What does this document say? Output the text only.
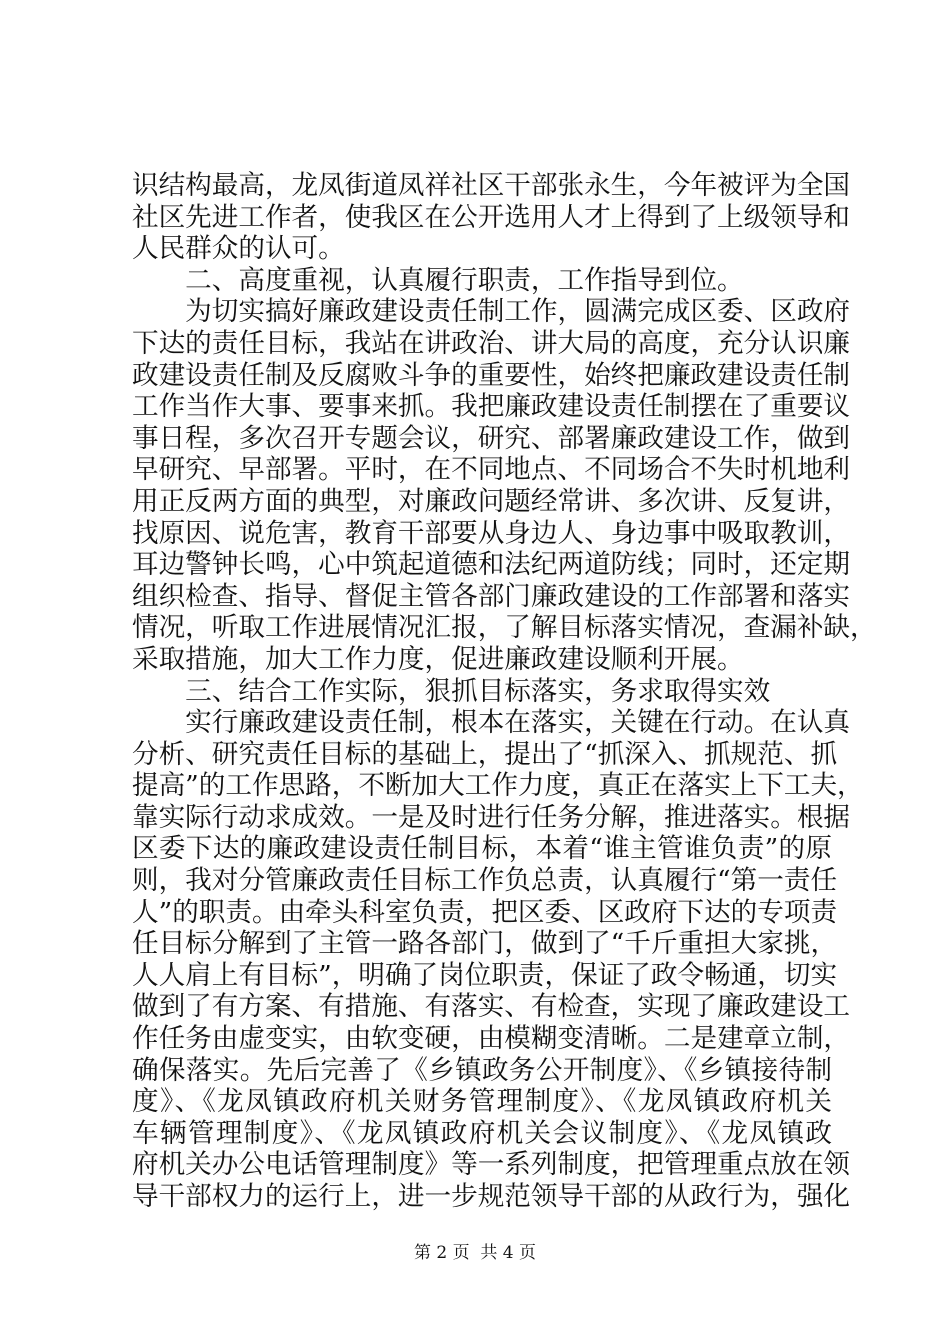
识结构最高，龙凤街道凤祥社区干部张永生，今年被评为全国
社区先进工作者，使我区在公开选用人才上得到了上级领导和
人民群众的认可。
　　二、高度重视，认真履行职责，工作指导到位。
　　为切实搞好廉政建设责任制工作，圆满完成区委、区政府
下达的责任目标，我站在讲政治、讲大局的高度，充分认识廉
政建设责任制及反腐败斗争的重要性，始终把廉政建设责任制
工作当作大事、要事来抓。我把廉政建设责任制摆在了重要议
事日程，多次召开专题会议，研究、部署廉政建设工作，做到
早研究、早部署。平时，在不同地点、不同场合不失时机地利
用正反两方面的典型，对廉政问题经常讲、多次讲、反复讲，
找原因、说危害，教育干部要从身边人、身边事中吸取教训，
耳边警钟长鸣，心中筑起道德和法纪两道防线；同时，还定期
组织检查、指导、督促主管各部门廉政建设的工作部署和落实
情况，听取工作进展情况汇报，了解目标落实情况，查漏补缺，
采取措施，加大工作力度，促进廉政建设顺利开展。
　　三、结合工作实际，狠抓目标落实，务求取得实效
　　实行廉政建设责任制，根本在落实，关键在行动。在认真
分析、研究责任目标的基础上，提出了“抓深入、抓规范、抓
提高”的工作思路，不断加大工作力度，真正在落实上下工夫，
靠实际行动求成效。一是及时进行任务分解，推进落实。根据
区委下达的廉政建设责任制目标，本着“谁主管谁负责”的原
则，我对分管廉政责任目标工作负总责，认真履行“第一责任
人”的职责。由牵头科室负责，把区委、区政府下达的专项责
任目标分解到了主管一路各部门，做到了“千斤重担大家挑，
人人肩上有目标”，明确了岗位职责，保证了政令畅通，切实
做到了有方案、有措施、有落实、有检查，实现了廉政建设工
作任务由虚变实，由软变硬，由模糊变清晰。二是建章立制，
确保落实。先后完善了《乡镇政务公开制度》、《乡镇接待制
度》、《龙凤镇政府机关财务管理制度》、《龙凤镇政府机关
车辆管理制度》、《龙凤镇政府机关会议制度》、《龙凤镇政
府机关办公电话管理制度》等一系列制度，把管理重点放在领
导干部权力的运行上，进一步规范领导干部的从政行为，强化
第 2 页  共 4 页
